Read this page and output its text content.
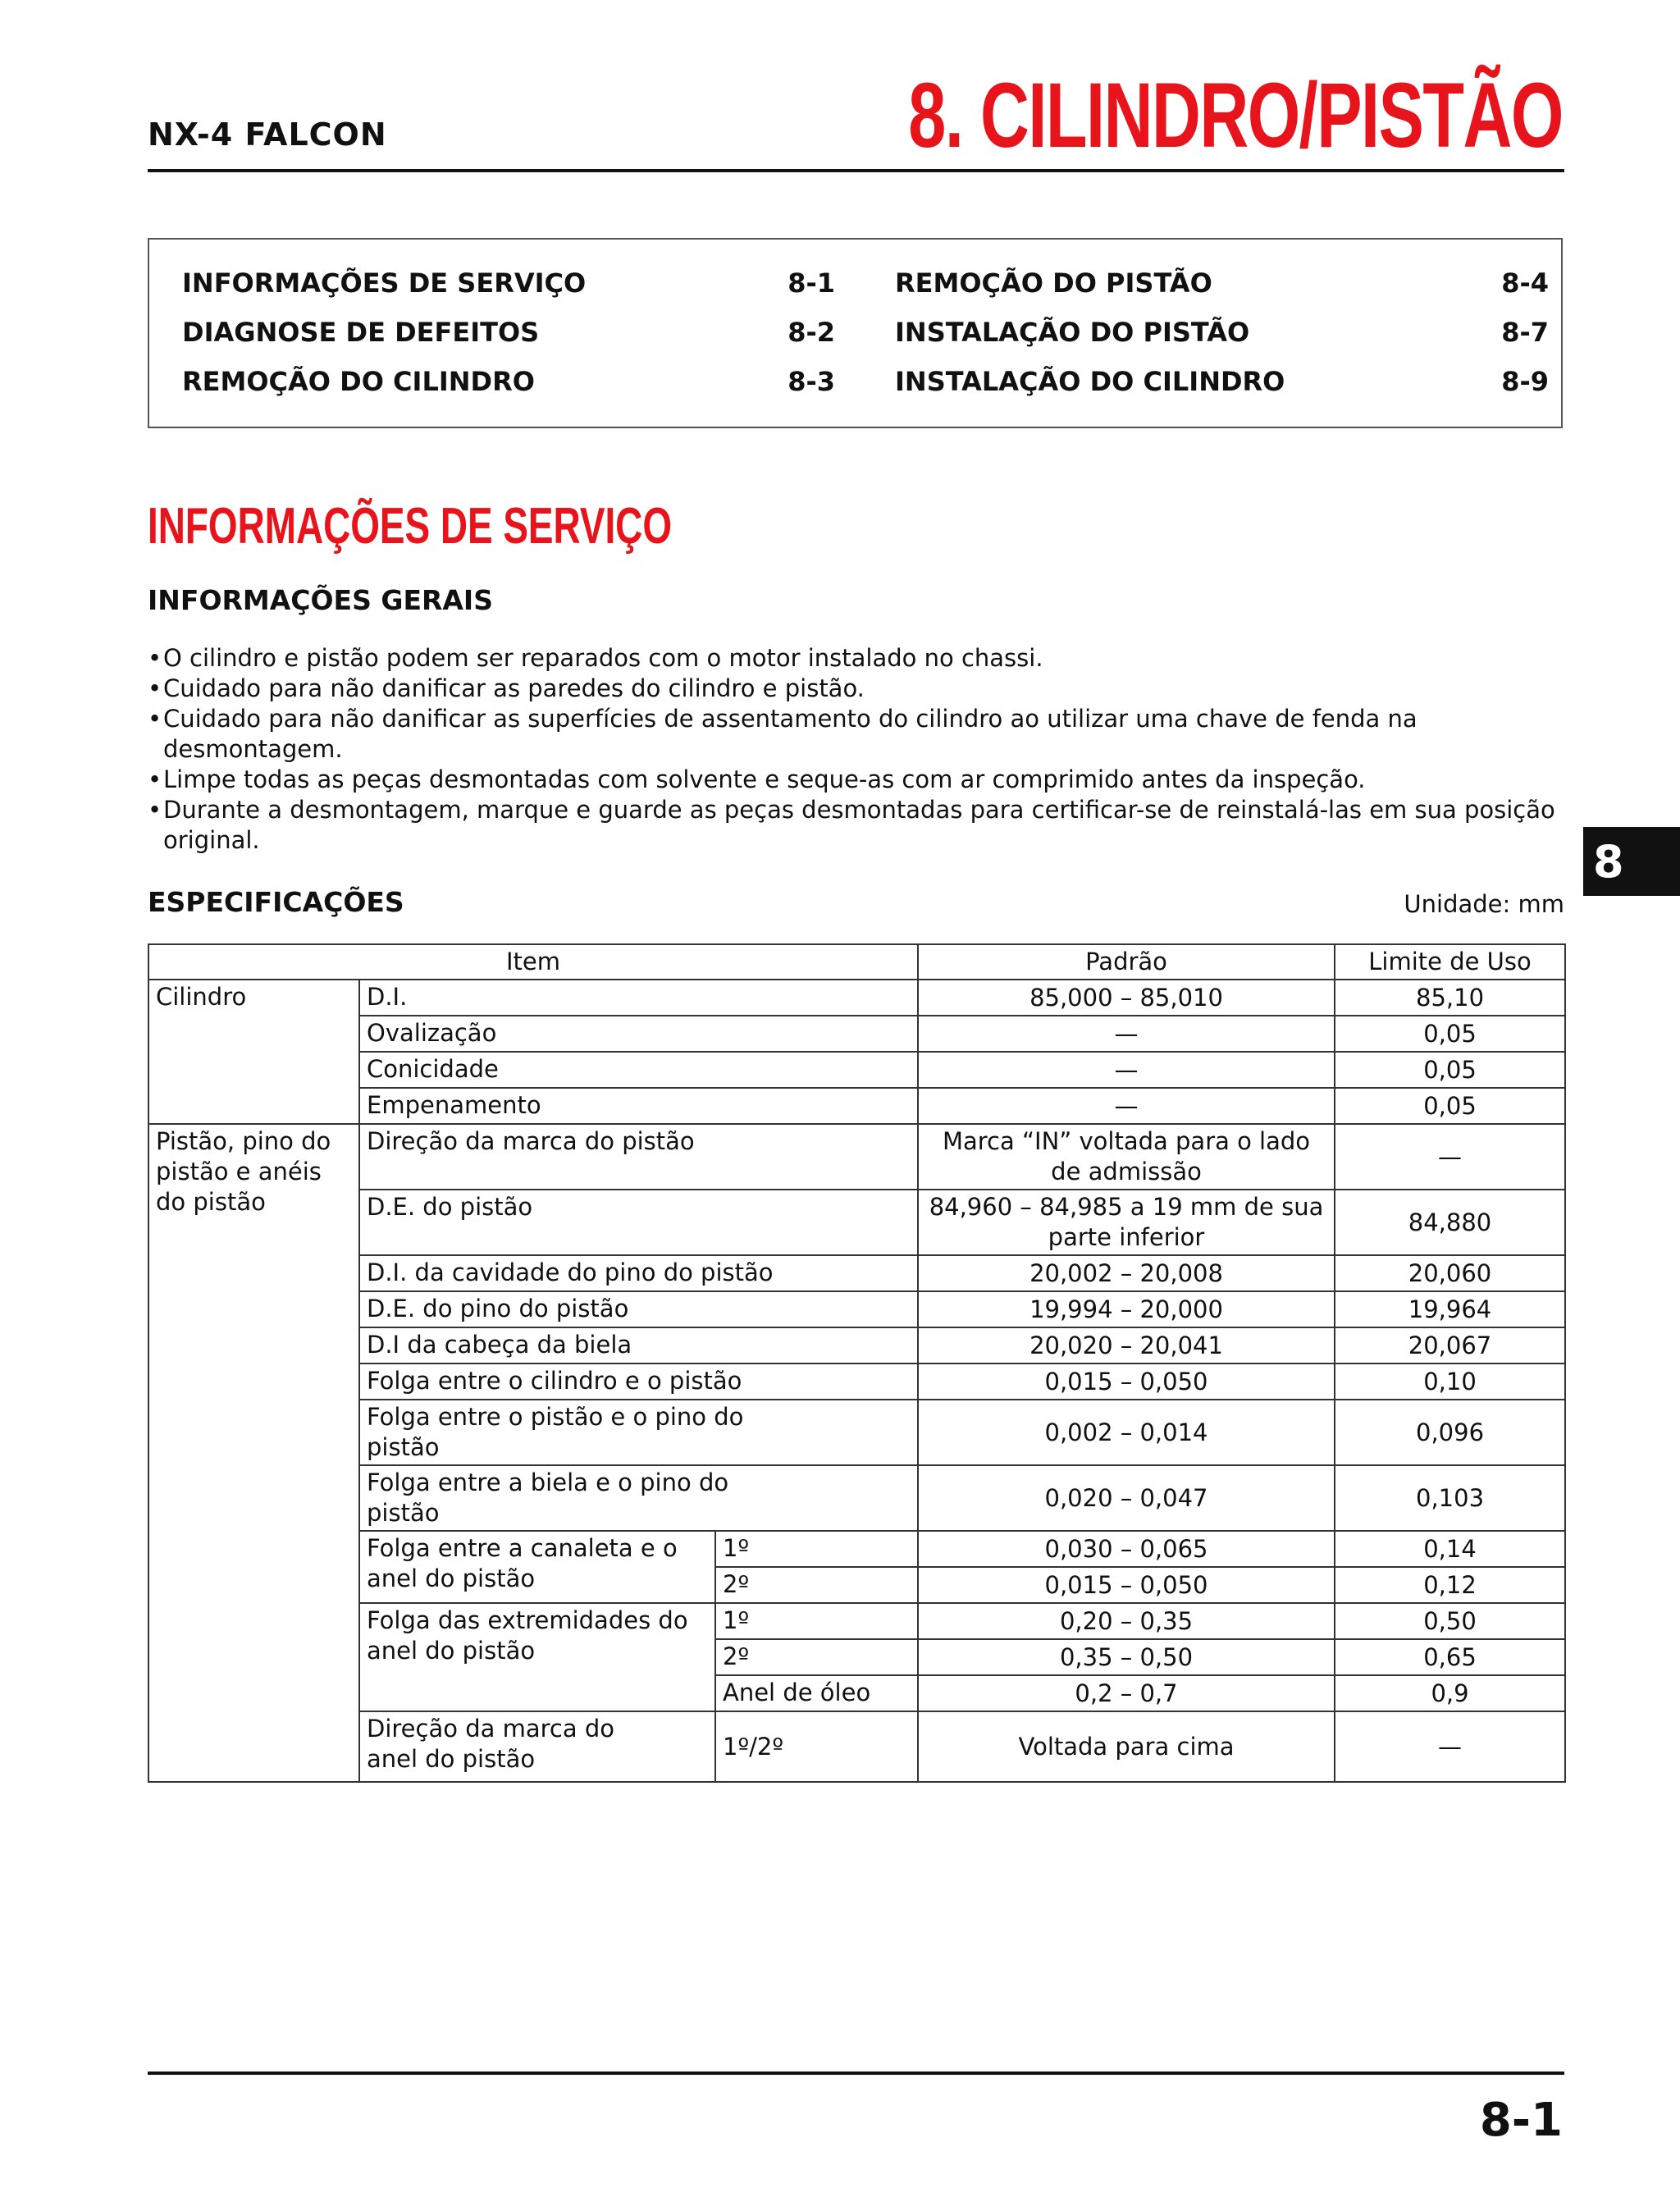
NX-4 FALCON	8. CILINDRO/PISTÃO
INFORMAÇÕES DE SERVIÇO	8-1
DIAGNOSE DE DEFEITOS	8-2
REMOÇÃO DO CILINDRO	8-3
REMOÇÃO DO PISTÃO	8-4
INSTALAÇÃO DO PISTÃO	8-7
INSTALAÇÃO DO CILINDRO	8-9
INFORMAÇÕES DE SERVIÇO
INFORMAÇÕES GERAIS
• O cilindro e pistão podem ser reparados com o motor instalado no chassi.
• Cuidado para não danificar as paredes do cilindro e pistão.
• Cuidado para não danificar as superfícies de assentamento do cilindro ao utilizar uma chave de fenda na desmontagem.
• Limpe todas as peças desmontadas com solvente e seque-as com ar comprimido antes da inspeção.
• Durante a desmontagem, marque e guarde as peças desmontadas para certificar-se de reinstalá-las em sua posição original.	8
ESPECIFICAÇÕES	Unidade: mm
Item			Padrão	Limite de Uso
Cilindro	D.I.		85,000 – 85,010	85,10
	Ovalização		—	0,05
	Conicidade		—	0,05
	Empenamento		—	0,05
Pistão, pino do pistão e anéis do pistão	Direção da marca do pistão		Marca “IN” voltada para o lado de admissão	—
	D.E. do pistão		84,960 – 84,985 a 19 mm de sua parte inferior	84,880
	D.I. da cavidade do pino do pistão		20,002 – 20,008	20,060
	D.E. do pino do pistão		19,994 – 20,000	19,964
	D.I da cabeça da biela		20,020 – 20,041	20,067
	Folga entre o cilindro e o pistão		0,015 – 0,050	0,10
	Folga entre o pistão e o pino do pistão		0,002 – 0,014	0,096
	Folga entre a biela e o pino do pistão		0,020 – 0,047	0,103
	Folga entre a canaleta e o anel do pistão	1º	0,030 – 0,065	0,14
		2º	0,015 – 0,050	0,12
	Folga das extremidades do anel do pistão	1º	0,20 – 0,35	0,50
		2º	0,35 – 0,50	0,65
		Anel de óleo	0,2 – 0,7	0,9
	Direção da marca do anel do pistão	1º/2º	Voltada para cima	—
8-1
